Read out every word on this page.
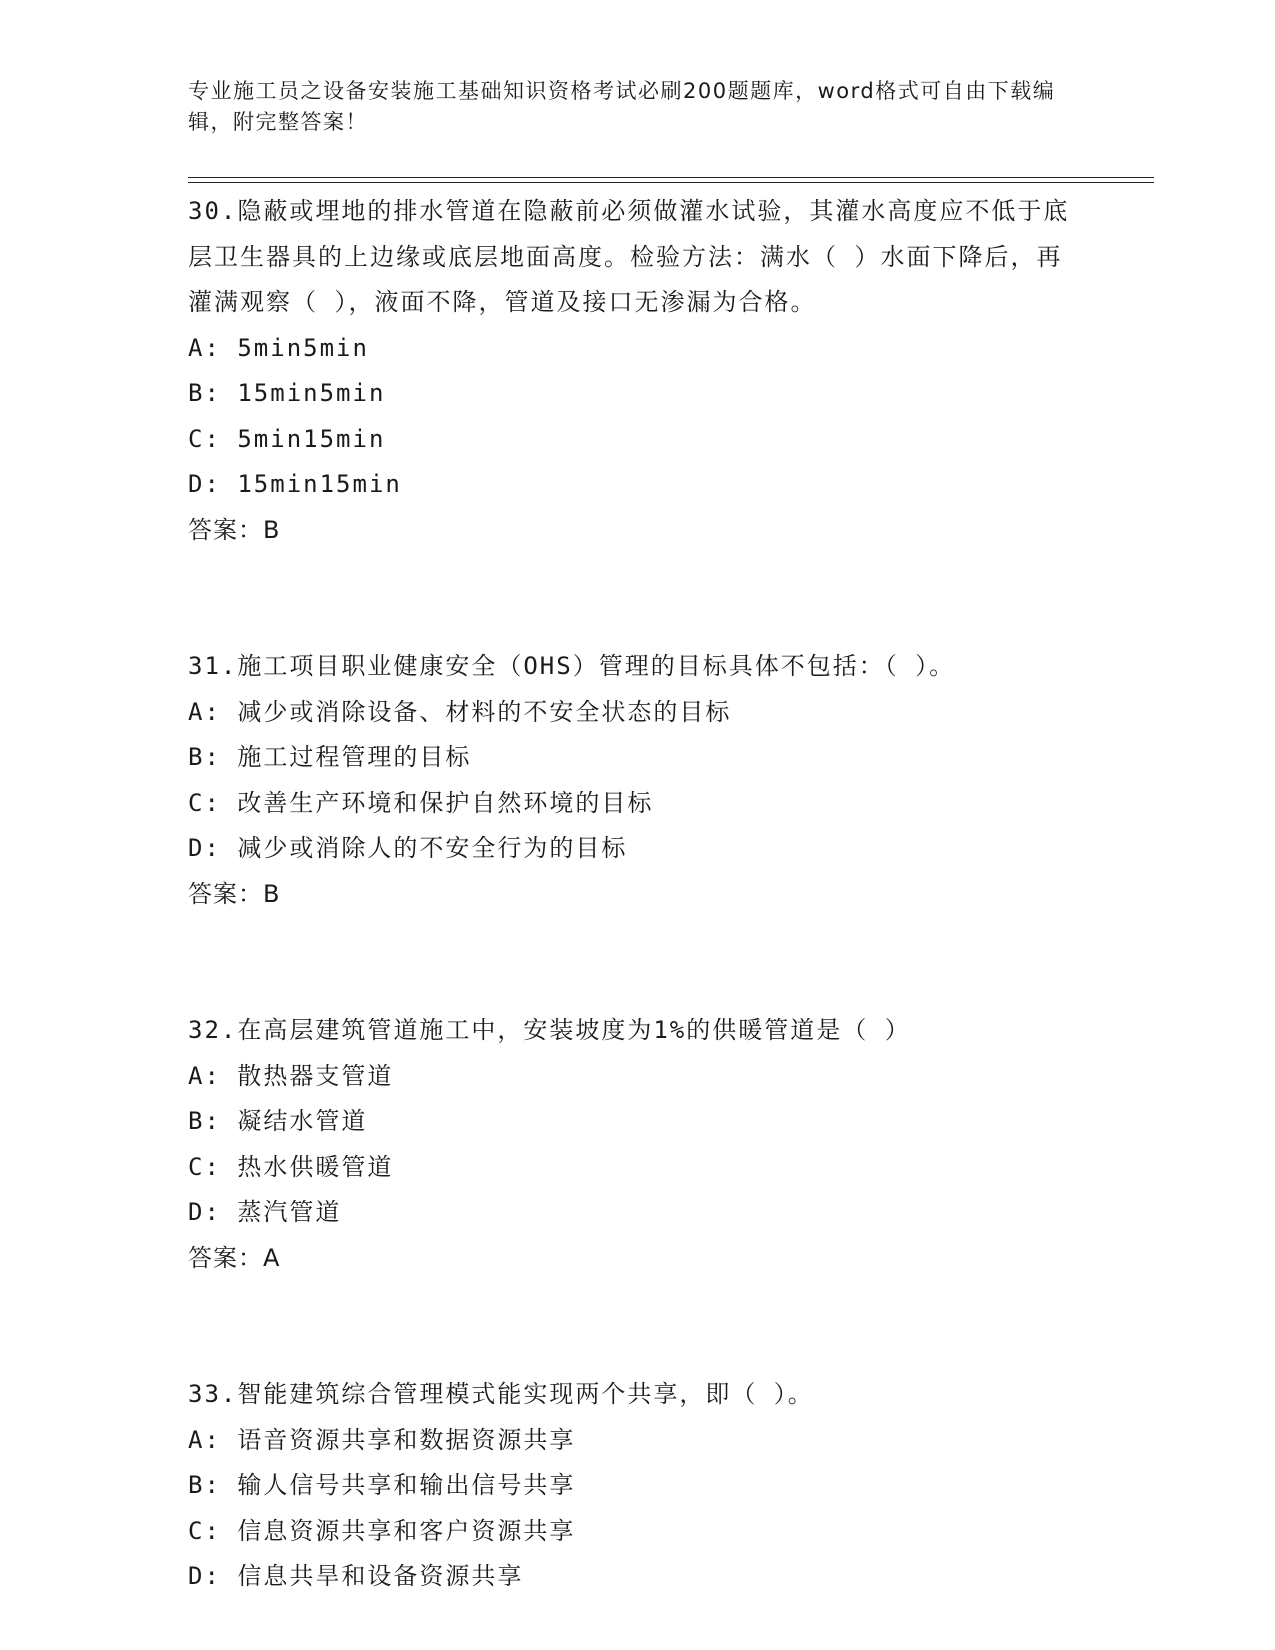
专业施工员之设备安装施工基础知识资格考试必刷200题题库，word格式可自由下载编辑，附完整答案！
30.隐蔽或埋地的排水管道在隐蔽前必须做灌水试验，其灌水高度应不低于底层卫生器具的上边缘或底层地面高度。检验方法：满水（ ）水面下降后，再灌满观察（ ），液面不降，管道及接口无渗漏为合格。
A: 5min5min
B: 15min5min
C: 5min15min
D: 15min15min
答案：B
31.施工项目职业健康安全（OHS）管理的目标具体不包括：（ ）。
A: 减少或消除设备、材料的不安全状态的目标
B: 施工过程管理的目标
C: 改善生产环境和保护自然环境的目标
D: 减少或消除人的不安全行为的目标
答案：B
32.在高层建筑管道施工中，安装坡度为1%的供暖管道是（ ）
A: 散热器支管道
B: 凝结水管道
C: 热水供暖管道
D: 蒸汽管道
答案：A
33.智能建筑综合管理模式能实现两个共享，即（ ）。
A: 语音资源共享和数据资源共享
B: 输人信号共享和输出信号共享
C: 信息资源共享和客户资源共享
D: 信息共旱和设备资源共享
